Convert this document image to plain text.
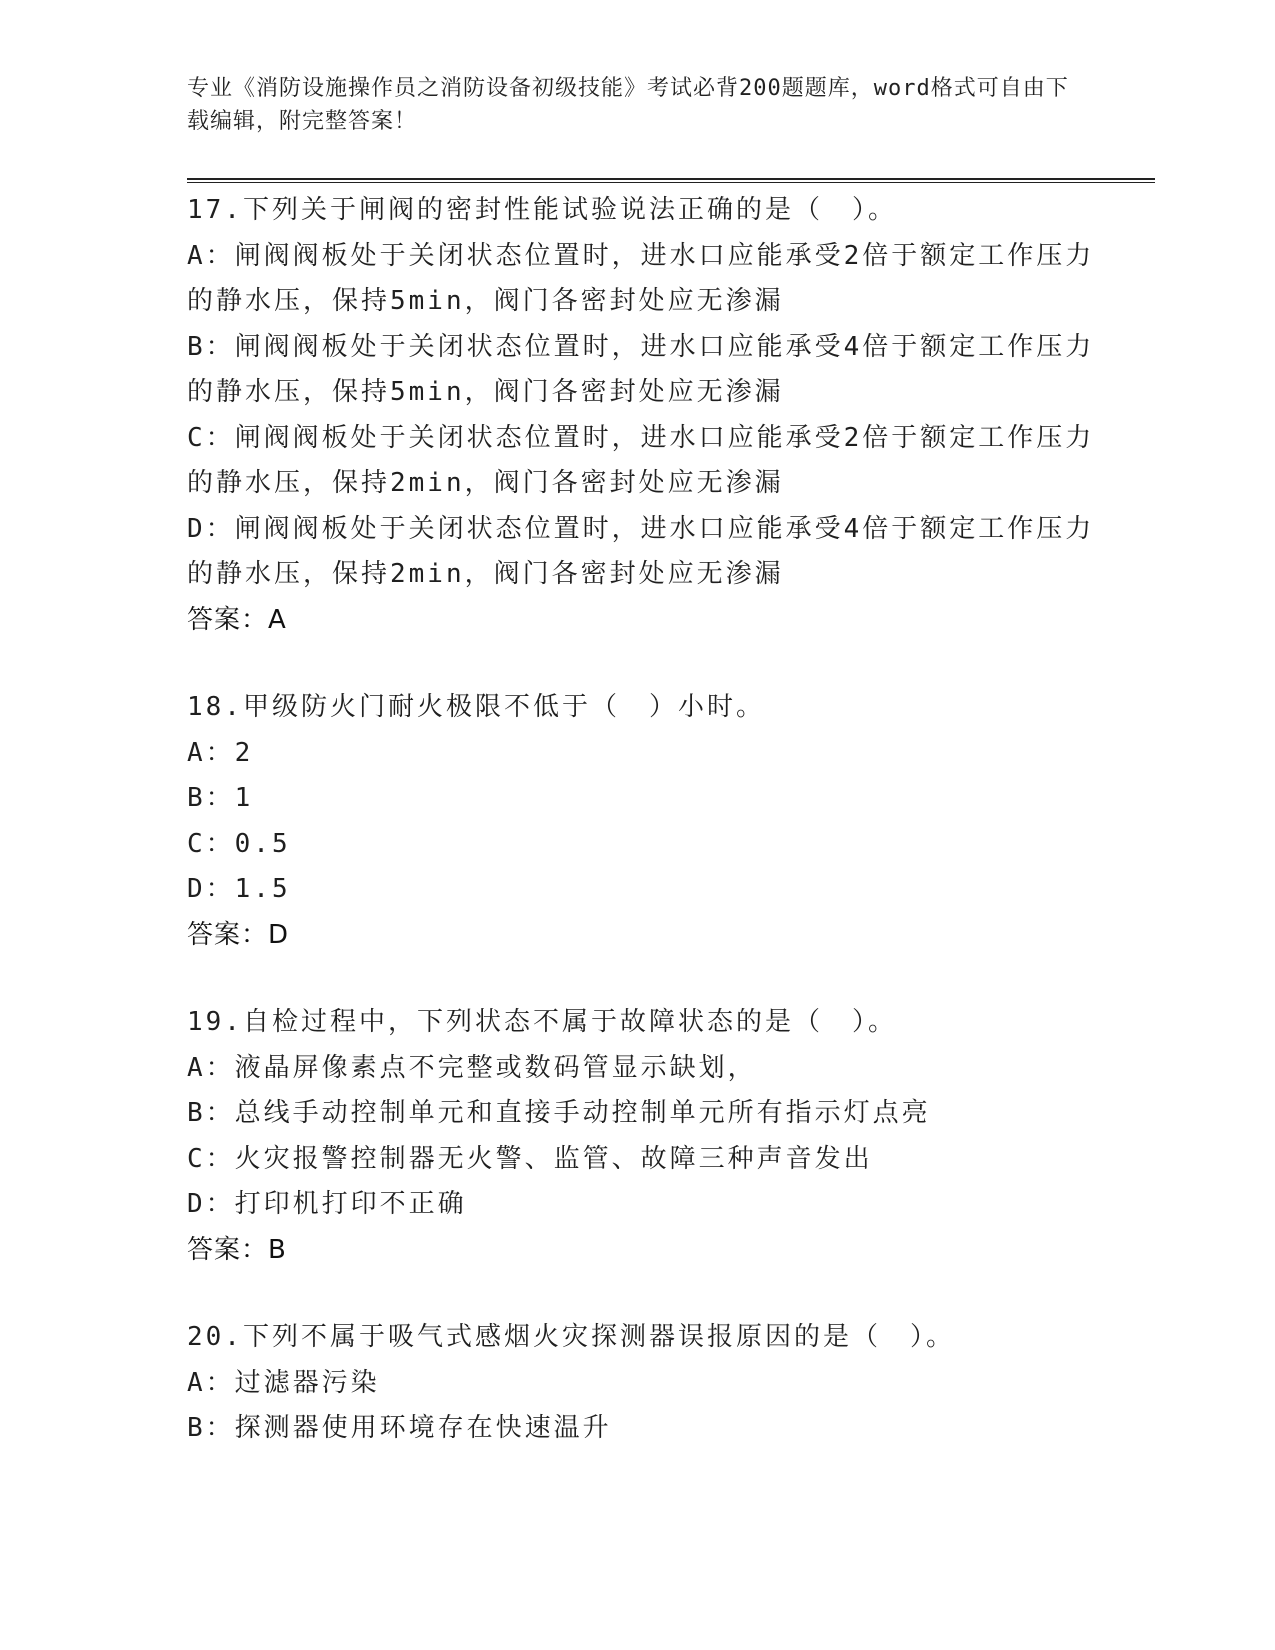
专业《消防设施操作员之消防设备初级技能》考试必背200题题库，word格式可自由下载编辑，附完整答案！
17.下列关于闸阀的密封性能试验说法正确的是（　）。
A：闸阀阀板处于关闭状态位置时，进水口应能承受2倍于额定工作压力的静水压，保持5min，阀门各密封处应无渗漏
B：闸阀阀板处于关闭状态位置时，进水口应能承受4倍于额定工作压力的静水压，保持5min，阀门各密封处应无渗漏
C：闸阀阀板处于关闭状态位置时，进水口应能承受2倍于额定工作压力的静水压，保持2min，阀门各密封处应无渗漏
D：闸阀阀板处于关闭状态位置时，进水口应能承受4倍于额定工作压力的静水压，保持2min，阀门各密封处应无渗漏
答案：A
18.甲级防火门耐火极限不低于（　）小时。
A：2
B：1
C：0.5
D：1.5
答案：D
19.自检过程中，下列状态不属于故障状态的是（　）。
A：液晶屏像素点不完整或数码管显示缺划，
B：总线手动控制单元和直接手动控制单元所有指示灯点亮
C：火灾报警控制器无火警、监管、故障三种声音发出
D：打印机打印不正确
答案：B
20.下列不属于吸气式感烟火灾探测器误报原因的是（　）。
A：过滤器污染
B：探测器使用环境存在快速温升
